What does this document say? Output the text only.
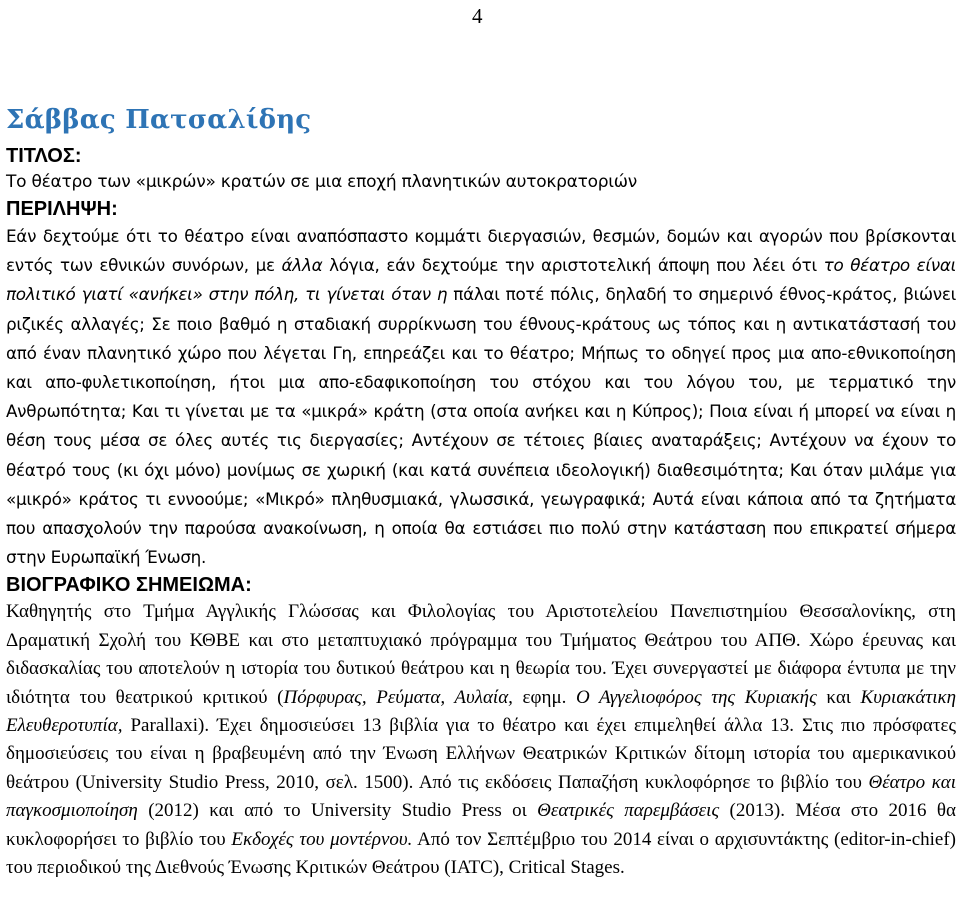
4
Σάββας Πατσαλίδης

ΤΙΤΛΟΣ:

Το θέατρο των «μικρών» κρατών σε μια εποχή πλανητικών αυτοκρατοριών

ΠΕΡΙΛΗΨΗ:

Εάν δεχτούμε ότι το θέατρο είναι αναπόσπαστο κομμάτι διεργασιών, θεσμών, δομών και αγορών που βρίσκονται εντός των εθνικών συνόρων, με άλλα λόγια, εάν δεχτούμε την αριστοτελική άποψη που λέει ότι το θέατρο είναι πολιτικό γιατί «ανήκει» στην πόλη, τι γίνεται όταν η πάλαι ποτέ πόλις, δηλαδή το σημερινό έθνος-κράτος, βιώνει ριζικές αλλαγές; Σε ποιο βαθμό η σταδιακή συρρίκνωση του έθνους-κράτους ως τόπος και η αντικατάστασή του από έναν πλανητικό χώρο που λέγεται Γη, επηρεάζει και το θέατρο; Μήπως το οδηγεί προς μια απο-εθνικοποίηση και απο-φυλετικοποίηση, ήτοι μια απο-εδαφικοποίηση του στόχου και του λόγου του, με τερματικό την Ανθρωπότητα; Και τι γίνεται με τα «μικρά» κράτη (στα οποία ανήκει και η Κύπρος); Ποια είναι ή μπορεί να είναι η θέση τους μέσα σε όλες αυτές τις διεργασίες; Αντέχουν σε τέτοιες βίαιες αναταράξεις; Αντέχουν να έχουν το θέατρό τους (κι όχι μόνο) μονίμως σε χωρική (και κατά συνέπεια ιδεολογική) διαθεσιμότητα; Και όταν μιλάμε για «μικρό» κράτος τι εννοούμε; «Μικρό» πληθυσμιακά, γλωσσικά, γεωγραφικά; Αυτά είναι κάποια από τα ζητήματα που απασχολούν την παρούσα ανακοίνωση, η οποία θα εστιάσει πιο πολύ στην κατάσταση που επικρατεί σήμερα στην Ευρωπαϊκή Ένωση.

ΒΙΟΓΡΑΦΙΚΟ ΣΗΜΕΙΩΜΑ:

Καθηγητής στο Τμήμα Αγγλικής Γλώσσας και Φιλολογίας του Αριστοτελείου Πανεπιστημίου Θεσσαλονίκης, στη Δραματική Σχολή του ΚΘΒΕ και στο μεταπτυχιακό πρόγραμμα του Τμήματος Θεάτρου του ΑΠΘ. Χώρο έρευνας και διδασκαλίας του αποτελούν η ιστορία του δυτικού θεάτρου και η θεωρία του. Έχει συνεργαστεί με διάφορα έντυπα με την ιδιότητα του θεατρικού κριτικού (Πόρφυρας, Ρεύματα, Αυλαία, εφημ. Ο Αγγελιοφόρος της Κυριακής και Κυριακάτικη Ελευθεροτυπία, Parallaxi). Έχει δημοσιεύσει 13 βιβλία για το θέατρο και έχει επιμεληθεί άλλα 13. Στις πιο πρόσφατες δημοσιεύσεις του είναι η βραβευμένη από την Ένωση Ελλήνων Θεατρικών Κριτικών δίτομη ιστορία του αμερικανικού θεάτρου (University Studio Press, 2010, σελ. 1500). Από τις εκδόσεις Παπαζήση κυκλοφόρησε το βιβλίο του Θέατρο και παγκοσμιοποίηση (2012) και από το University Studio Press οι Θεατρικές παρεμβάσεις (2013). Μέσα στο 2016 θα κυκλοφορήσει το βιβλίο του Εκδοχές του μοντέρνου. Από τον Σεπτέμβριο του 2014 είναι ο αρχισυντάκτης (editor-in-chief) του περιοδικού της Διεθνούς Ένωσης Κριτικών Θεάτρου (IATC), Critical Stages.
